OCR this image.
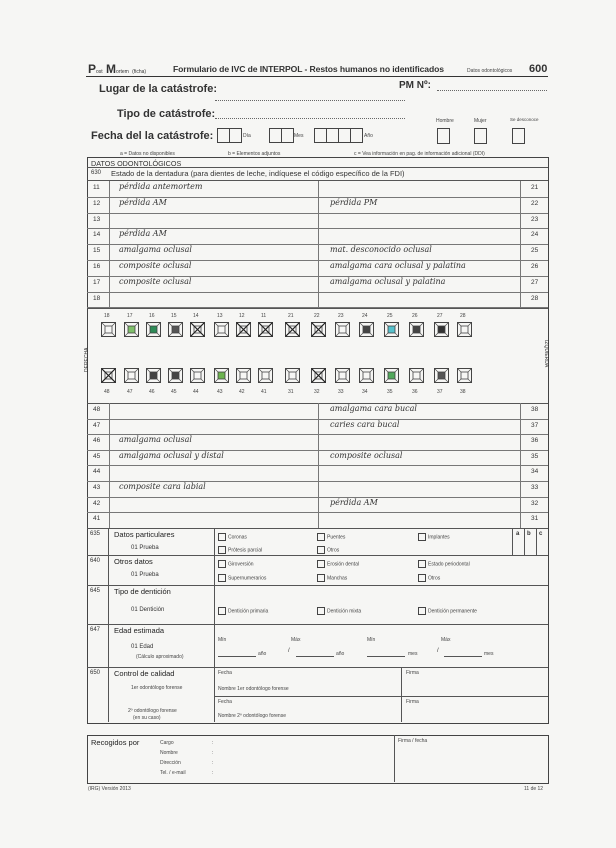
Post Mortem (ficha)	Formulario de IVC de INTERPOL - Restos humanos no identificados	Datos odontológicos 600
Lugar de la catástrofe:	PM Nº:
Tipo de catástrofe:
Hombre	Mujer	Se desconoce
Fecha del la catástrofe:	Día	Mes	Año
a = Datos no disponibles	b = Elementos adjuntos	c = Vea información en pag. de información adicional (DDI)
DATOS ODONTOLÓGICOS
630 Estado de la dentadura (para dientes de leche, indíquese el código específico de la FDI)
11 pérdida antemortem	21
12 pérdida AM	pérdida PM	22
13	23
14 pérdida AM	24
15 amalgama oclusal	mat. desconocido oclusal	25
16 composite oclusal	amalgama cara oclusal y palatina	26
17 composite oclusal	amalgama oclusal y palatina	27
18	28
DERECHA	IZQUIERDA
18	17	16	15	14	13	12	11	21	22	23	24	25	26	27	28
48	47	46	45	44	43	42	41	31	32	33	34	35	36	37	38
48	amalgama cara bucal	38
47	caries cara bucal	37
46 amalgama oclusal	36
45 amalgama oclusal y distal	composite oclusal	35
44	34
43 composite cara labial	33
42	pérdida AM	32
41	31
635 Datos particulares
01 Prueba
Coronas	Puentes	Implantes
Prótesis parcial	Otros
a b c
640 Otros datos
01 Prueba
Giroversión	Erosión dental	Estado periodontal
Supernumerarios	Manchas	Otros
645 Tipo de dentición
01 Dentición	Dentición primaria	Dentición mixta	Dentición permanente
647 Edad estimada
01 Edad
(Cálculo aproximado)
Mín	Máx	Mín	Máx
año	/	año	mes	/	mes
650 Control de calidad
1er odontólogo forense
2º odontólogo forense
(en su caso)
Fecha
Nombre 1er odontólogo forense
Firma
Fecha
Nombre 2º odontólogo forense
Firma
Recogidos por	Cargo
Nombre
Dirección
Tel. / e-mail
:
:
:
:
Firma / fecha
(IRG) Versión 2013	11 de 12
